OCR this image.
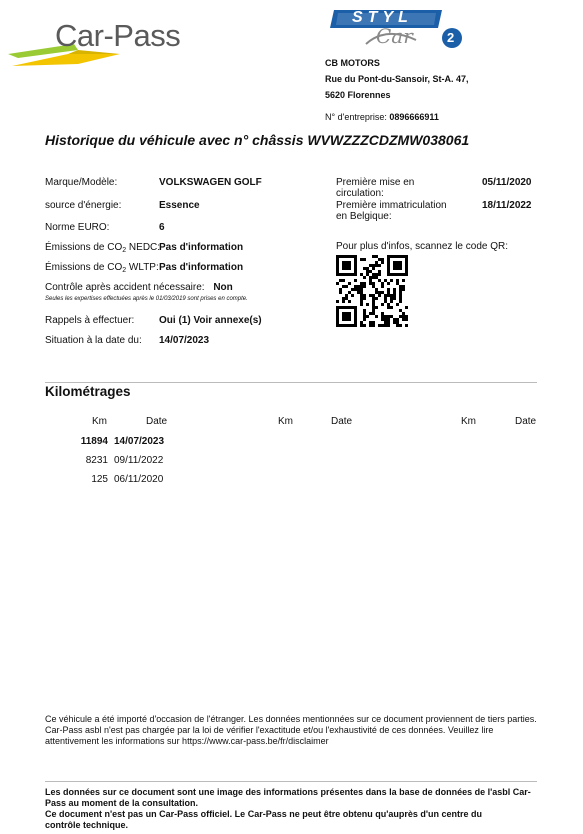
Car-Pass
STYL
Car	2
CB MOTORS
Rue du Pont-du-Sansoir, St-A. 47,
5620 Florennes
N° d'entreprise: 0896666911
Historique du véhicule avec n° châssis WVWZZZCDZMW038061
Marque/Modèle:	VOLKSWAGEN GOLF
source d'énergie:	Essence
Norme EURO:	6
Émissions de $CO_2$ NEDC:
Pas d'information
Émissions de $CO_2$ WLTP: Pas d'information
Contrôle après accident nécessaire: Non
Seules les expertises effectuées après le 01/03/2019 sont prises en compte.
Rappels à effectuer: Oui (1) Voir annexe(s)
Situation à la date du: 14/07/2023
Première mise en
circulation:
05/11/2020
Première immatriculation
en Belgique:
18/11/2022
Pour plus d'infos, scannez le code QR:
Kilométrages
Km	Date	Km	Date	Km	Date
11894 14/07/2023
8231 09/11/2022
125 06/11/2020
Ce véhicule a été importé d'occasion de l'étranger. Les données mentionnées sur ce document proviennent de tiers parties. Car-Pass asbl n'est pas chargée par la loi de vérifier l'exactitude et/ou l'exhaustivité de ces données. Veuillez lire attentivement les informations sur https://www.car-pass.be/fr/disclaimer
Les données sur ce document sont une image des informations présentes dans la base de données de l'asbl Car-Pass au moment de la consultation.
Ce document n'est pas un Car-Pass officiel. Le Car-Pass ne peut être obtenu qu'auprès d'un centre du contrôle technique.
